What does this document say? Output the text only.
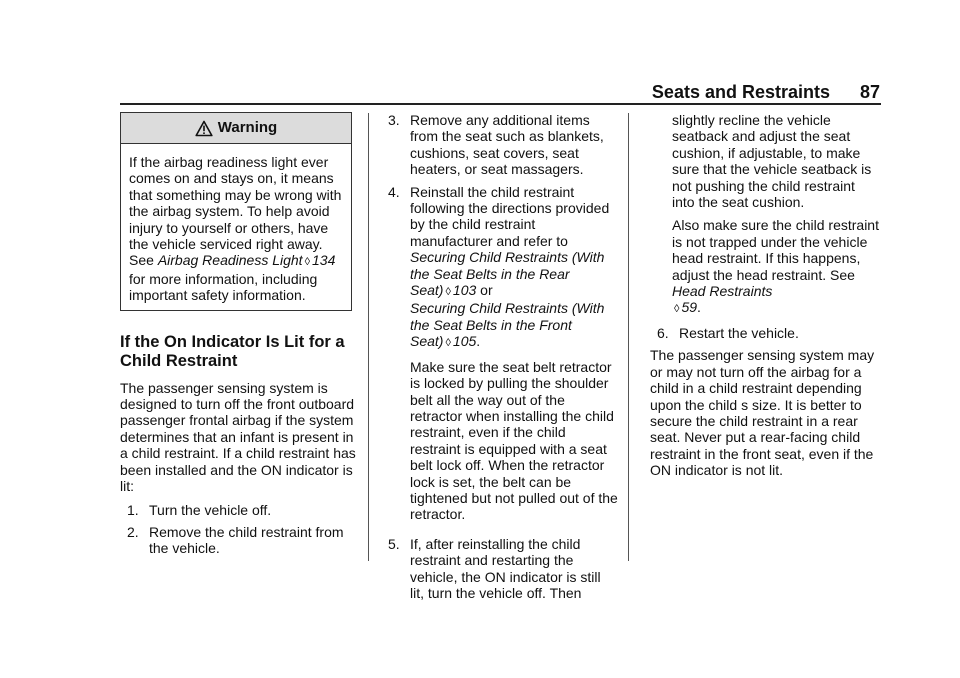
Seats and Restraints	87
Warning
If the airbag readiness light ever comes on and stays on, it means that something may be wrong with the airbag system. To help avoid injury to yourself or others, have the vehicle serviced right away. See Airbag Readiness Light ◊ 134 for more information, including important safety information.
If the On Indicator Is Lit for a Child Restraint

The passenger sensing system is designed to turn off the front outboard passenger frontal airbag if the system determines that an infant is present in a child restraint. If a child restraint has been installed and the ON indicator is lit:

1. Turn the vehicle off.
2. Remove the child restraint from the vehicle.
3. Remove any additional items from the seat such as blankets, cushions, seat covers, seat heaters, or seat massagers.
4. Reinstall the child restraint following the directions provided by the child restraint manufacturer and refer to
Securing Child Restraints (With the Seat Belts in the Rear Seat) ◊ 103 or
Securing Child Restraints (With the Seat Belts in the Front Seat) ◊ 105.

Make sure the seat belt retractor is locked by pulling the shoulder belt all the way out of the retractor when installing the child restraint, even if the child restraint is equipped with a seat belt lock off. When the retractor lock is set, the belt can be tightened but not pulled out of the retractor.

5. If, after reinstalling the child restraint and restarting the vehicle, the ON indicator is still lit, turn the vehicle off. Then

slightly recline the vehicle seatback and adjust the seat cushion, if adjustable, to make sure that the vehicle seatback is not pushing the child restraint into the seat cushion.

Also make sure the child restraint is not trapped under the vehicle head restraint. If this happens, adjust the head restraint. See Head Restraints
◊ 59.

6. Restart the vehicle.

The passenger sensing system may or may not turn off the airbag for a child in a child restraint depending upon the child s size. It is better to secure the child restraint in a rear seat. Never put a rear-facing child restraint in the front seat, even if the ON indicator is not lit.
